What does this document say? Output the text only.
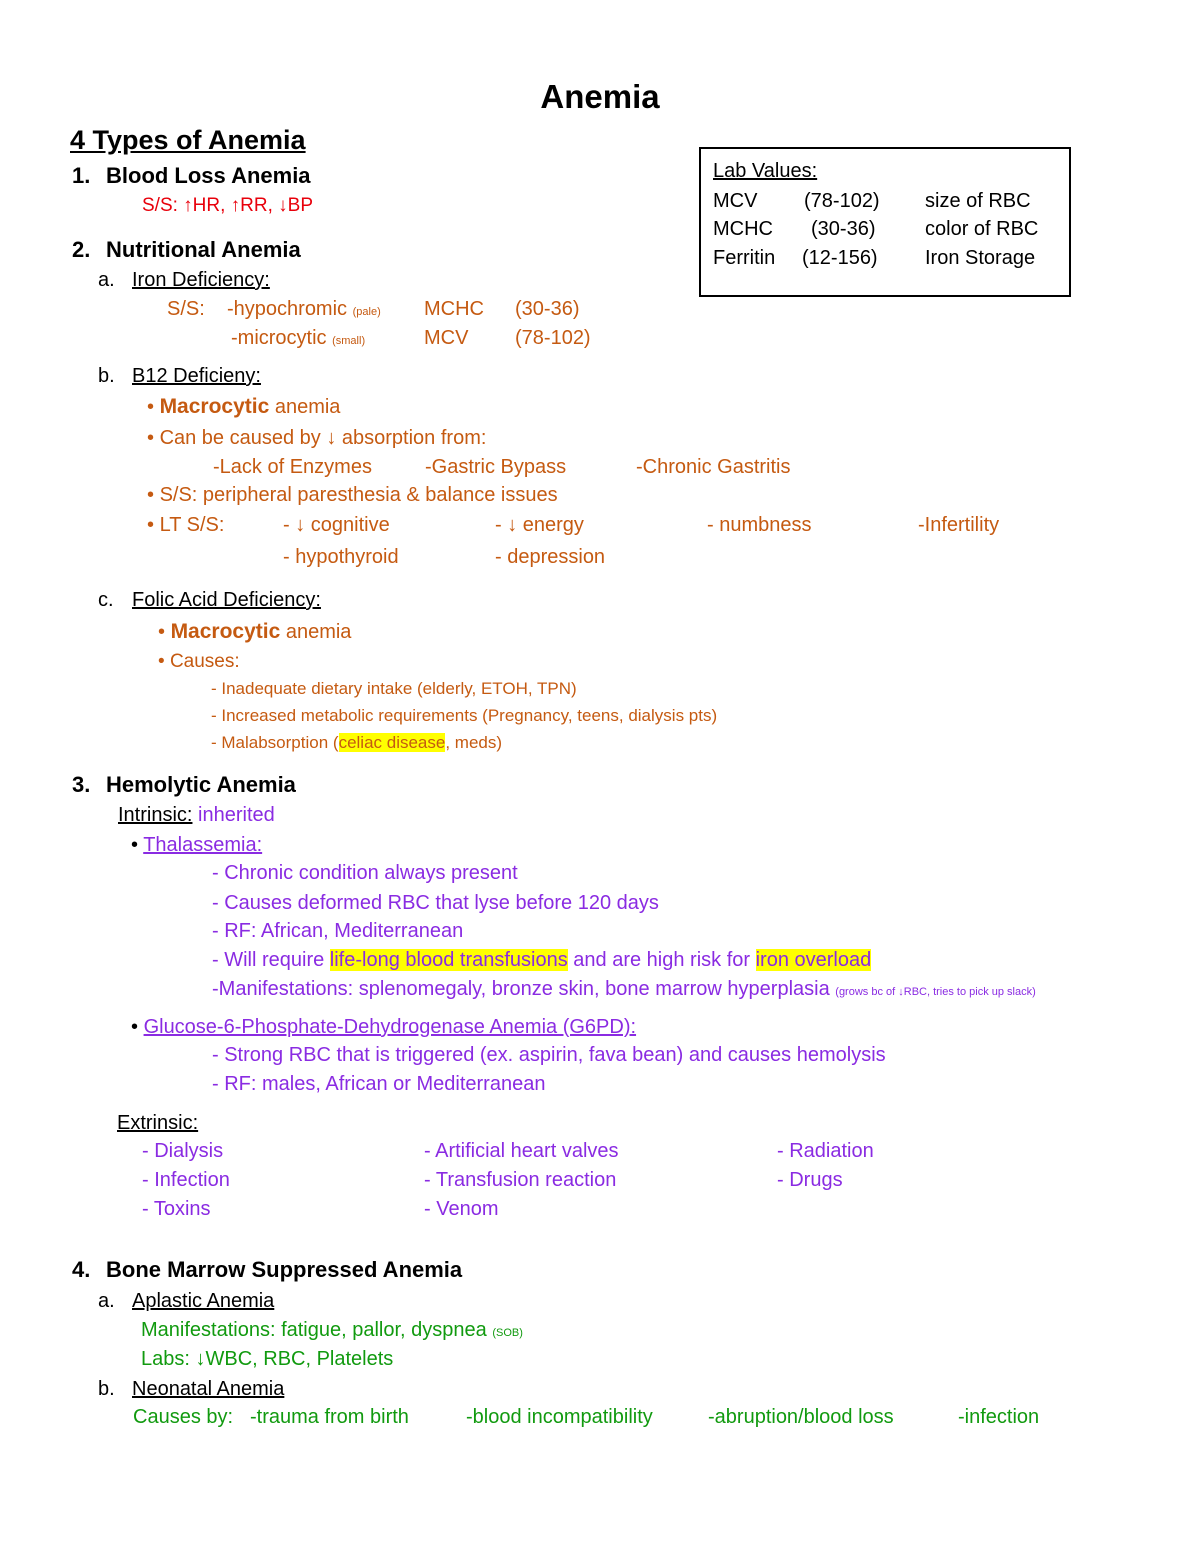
Anemia
4 Types of Anemia
Lab Values:
MCV (78-102) size of RBC
MCHC (30-36) color of RBC
Ferritin (12-156) Iron Storage
1. Blood Loss Anemia
S/S: ↑HR, ↑RR, ↓BP
2. Nutritional Anemia
a. Iron Deficiency:
S/S: -hypochromic (pale) MCHC (30-36)
-microcytic (small)	MCV (78-102)
b. B12 Deficieny:
• Macrocytic anemia
• Can be caused by ↓ absorption from:
-Lack of Enzymes	-Gastric Bypass	-Chronic Gastritis
• S/S: peripheral paresthesia & balance issues
• LT S/S:	- ↓ cognitive	- ↓ energy	- numbness	-Infertility
- hypothyroid	- depression
c. Folic Acid Deficiency:
• Macrocytic anemia
• Causes:
- Inadequate dietary intake (elderly, ETOH, TPN)
- Increased metabolic requirements (Pregnancy, teens, dialysis pts)
- Malabsorption (celiac disease, meds)
3. Hemolytic Anemia
Intrinsic: inherited
• Thalassemia:
- Chronic condition always present
- Causes deformed RBC that lyse before 120 days
- RF: African, Mediterranean
- Will require life-long blood transfusions and are high risk for iron overload
-Manifestations: splenomegaly, bronze skin, bone marrow hyperplasia (grows bc of ↓RBC, tries to pick up slack)
• Glucose-6-Phosphate-Dehydrogenase Anemia (G6PD):
- Strong RBC that is triggered (ex. aspirin, fava bean) and causes hemolysis
- RF: males, African or Mediterranean
Extrinsic:
- Dialysis	- Artificial heart valves	- Radiation
- Infection	- Transfusion reaction	- Drugs
- Toxins	- Venom
4. Bone Marrow Suppressed Anemia
a. Aplastic Anemia
Manifestations: fatigue, pallor, dyspnea (SOB)
Labs: ↓WBC, RBC, Platelets
b. Neonatal Anemia
Causes by: -trauma from birth	-blood incompatibility	-abruption/blood loss	-infection
